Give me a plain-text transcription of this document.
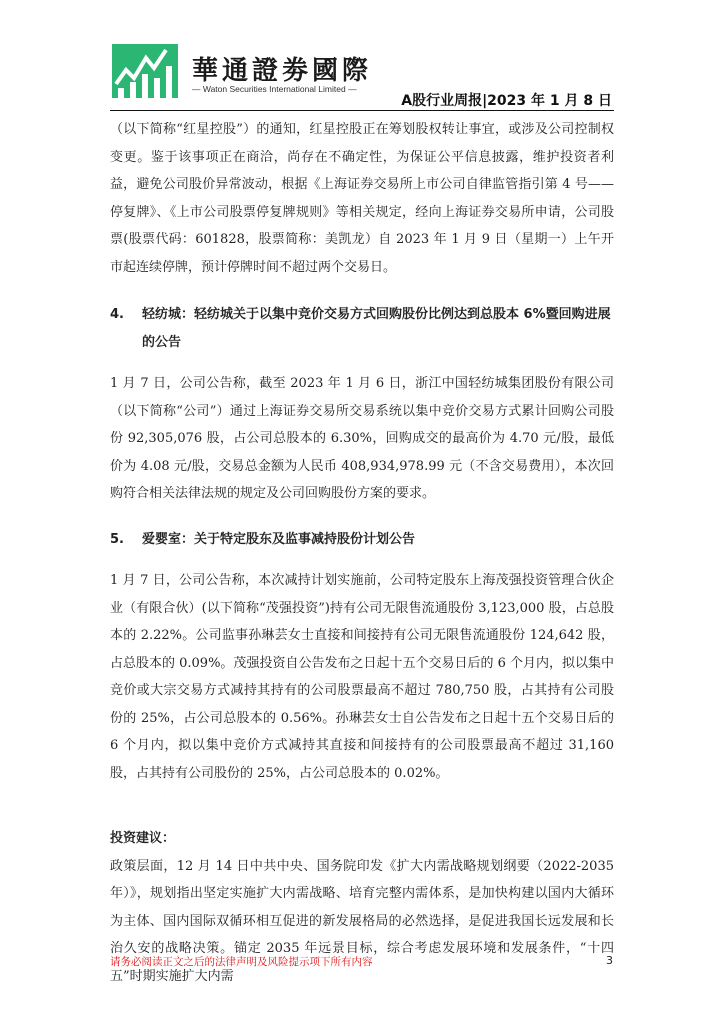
華通證劵國際
— Waton Securities International Limited —
A股行业周报|2023 年 1 月 8 日

（以下简称“红星控股”）的通知，红星控股正在筹划股权转让事宜，或涉及公司控制权变更。鉴于该事项正在商洽，尚存在不确定性，为保证公平信息披露，维护投资者利益，避免公司股价异常波动，根据《上海证券交易所上市公司自律监管指引第 4 号——停复牌》、《上市公司股票停复牌规则》等相关规定，经向上海证券交易所申请，公司股票(股票代码：601828，股票简称：美凯龙）自 2023 年 1 月 9 日（星期一）上午开市起连续停牌，预计停牌时间不超过两个交易日。

4.	轻纺城：轻纺城关于以集中竞价交易方式回购股份比例达到总股本 6%暨回购进展的公告

1 月 7 日，公司公告称，截至 2023 年 1 月 6 日，浙江中国轻纺城集团股份有限公司（以下简称“公司”）通过上海证券交易所交易系统以集中竞价交易方式累计回购公司股份 92,305,076 股，占公司总股本的 6.30%，回购成交的最高价为 4.70 元/股，最低价为 4.08 元/股，交易总金额为人民币 408,934,978.99 元（不含交易费用），本次回购符合相关法律法规的规定及公司回购股份方案的要求。

5.	爱婴室：关于特定股东及监事减持股份计划公告

1 月 7 日，公司公告称，本次减持计划实施前，公司特定股东上海茂强投资管理合伙企业（有限合伙）(以下简称“茂强投资”)持有公司无限售流通股份 3,123,000 股，占总股本的 2.22%。公司监事孙琳芸女士直接和间接持有公司无限售流通股份 124,642 股，占总股本的 0.09%。茂强投资自公告发布之日起十五个交易日后的 6 个月内，拟以集中竞价或大宗交易方式减持其持有的公司股票最高不超过 780,750 股，占其持有公司股份的 25%，占公司总股本的 0.56%。孙琳芸女士自公告发布之日起十五个交易日后的 6 个月内，拟以集中竞价方式减持其直接和间接持有的公司股票最高不超过 31,160 股，占其持有公司股份的 25%，占公司总股本的 0.02%。

投资建议：

政策层面，12 月 14 日中共中央、国务院印发《扩大内需战略规划纲要（2022-2035 年）》，规划指出坚定实施扩大内需战略、培育完整内需体系，是加快构建以国内大循环为主体、国内国际双循环相互促进的新发展格局的必然选择，是促进我国长远发展和长治久安的战略决策。锚定 2035 年远景目标，综合考虑发展环境和发展条件，“十四五”时期实施扩大内需

请务必阅读正文之后的法律声明及风险提示项下所有内容	3
